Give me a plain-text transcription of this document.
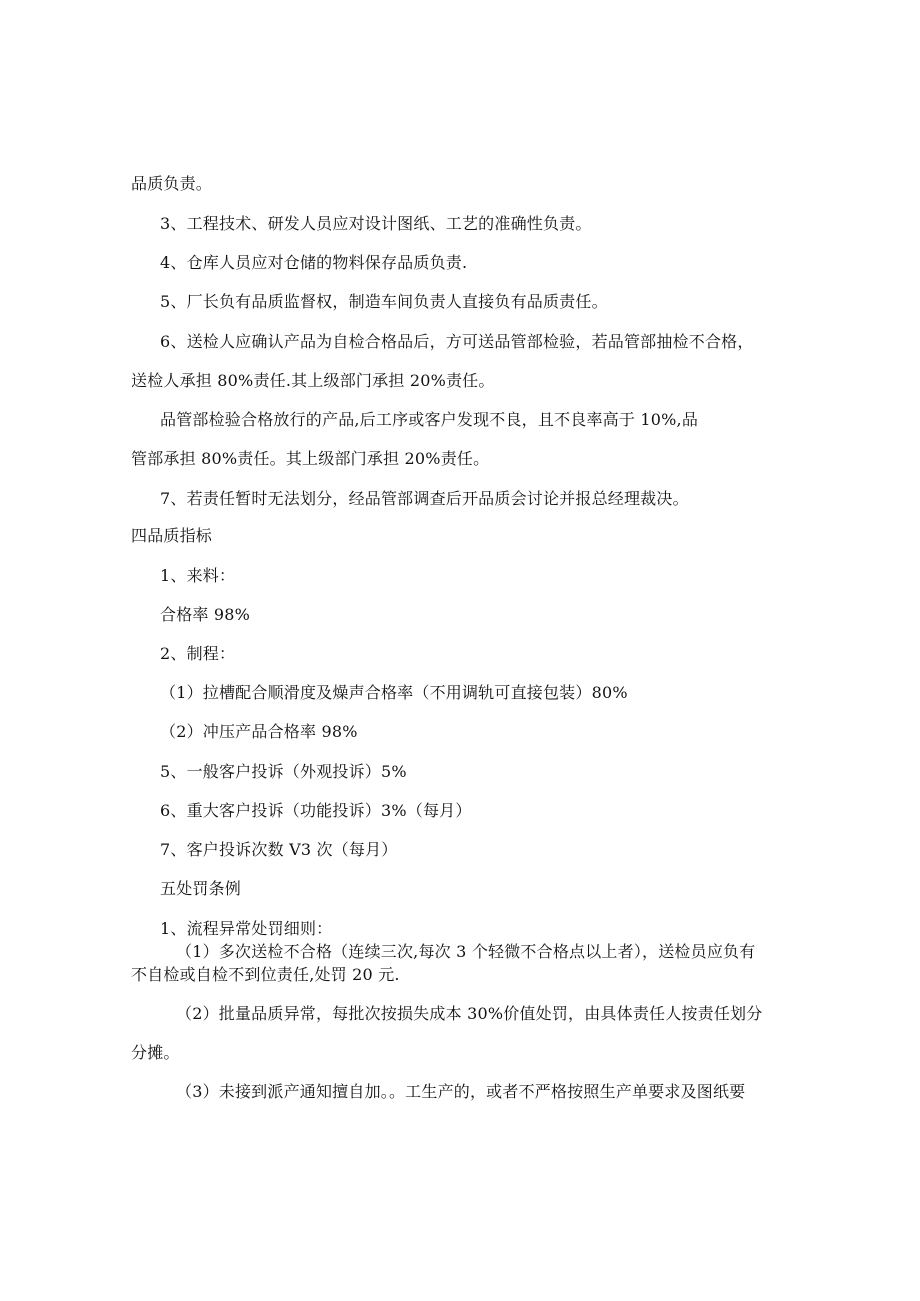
品质负责。
3、工程技术、研发人员应对设计图纸、工艺的准确性负责。
4、仓库人员应对仓储的物料保存品质负责.
5、厂长负有品质监督权，制造车间负责人直接负有品质责任。
6、送检人应确认产品为自检合格品后，方可送品管部检验，若品管部抽检不合格，
送检人承担 80%责任.其上级部门承担 20%责任。
品管部检验合格放行的产品,后工序或客户发现不良，且不良率高于 10%,品
管部承担 80%责任。其上级部门承担 20%责任。
7、若责任暂时无法划分，经品管部调查后开品质会讨论并报总经理裁决。
四品质指标
1、来料：
合格率 98%
2、制程：
（1）拉槽配合顺滑度及燥声合格率（不用调轨可直接包装）80%
（2）冲压产品合格率 98%
5、一般客户投诉（外观投诉）5%
6、重大客户投诉（功能投诉）3%（每月）
7、客户投诉次数 V3 次（每月）
五处罚条例
1、流程异常处罚细则：
（1）多次送检不合格（连续三次,每次 3 个轻微不合格点以上者），送检员应负有
不自检或自检不到位责任,处罚 20 元.
（2）批量品质异常，每批次按损失成本 30%价值处罚，由具体责任人按责任划分
分摊。
（3）未接到派产通知擅自加。。工生产的，或者不严格按照生产单要求及图纸要
